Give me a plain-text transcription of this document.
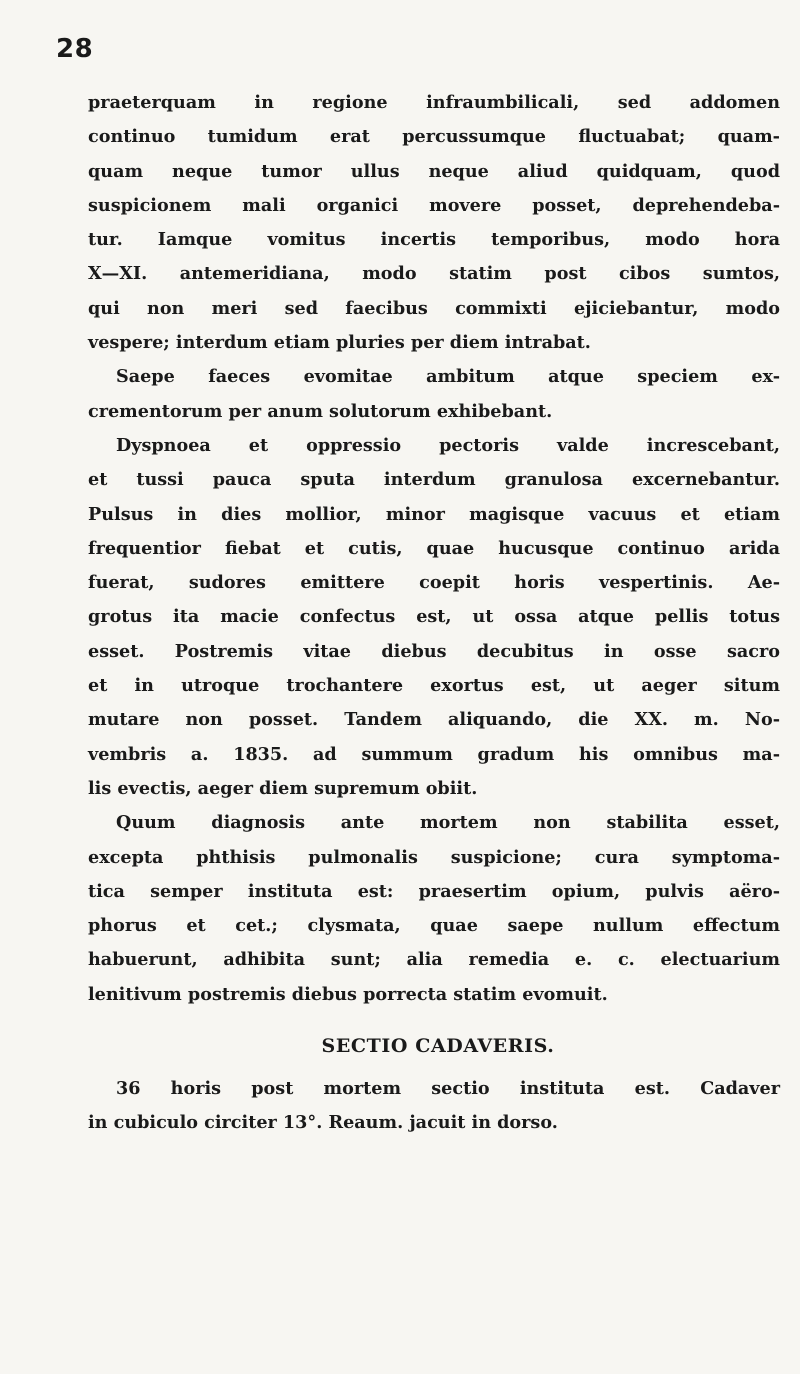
28
praeterquam in regione infraumbilicali, sed addomen
continuo tumidum erat percussumque fluctuabat; quam-
quam neque tumor ullus neque aliud quidquam, quod
suspicionem mali organici movere posset, deprehendeba-
tur. Iamque vomitus incertis temporibus, modo hora
X—XI. antemeridiana, modo statim post cibos sumtos,
qui non meri sed faecibus commixti ejiciebantur, modo
vespere; interdum etiam pluries per diem intrabat.
Saepe faeces evomitae ambitum atque speciem ex-
crementorum per anum solutorum exhibebant.
Dyspnoea et oppressio pectoris valde increscebant,
et tussi pauca sputa interdum granulosa excernebantur.
Pulsus in dies mollior, minor magisque vacuus et etiam
frequentior fiebat et cutis, quae hucusque continuo arida
fuerat, sudores emittere coepit horis vespertinis. Ae-
grotus ita macie confectus est, ut ossa atque pellis totus
esset. Postremis vitae diebus decubitus in osse sacro
et in utroque trochantere exortus est, ut aeger situm
mutare non posset. Tandem aliquando, die XX. m. No-
vembris a. 1835. ad summum gradum his omnibus ma-
lis evectis, aeger diem supremum obiit.
Quum diagnosis ante mortem non stabilita esset,
excepta phthisis pulmonalis suspicione; cura symptoma-
tica semper instituta est: praesertim opium, pulvis aëro-
phorus et cet.; clysmata, quae saepe nullum effectum
habuerunt, adhibita sunt; alia remedia e. c. electuarium
lenitivum postremis diebus porrecta statim evomuit.
SECTIO CADAVERIS.
36 horis post mortem sectio instituta est. Cadaver
in cubiculo circiter 13°. Reaum. jacuit in dorso.
